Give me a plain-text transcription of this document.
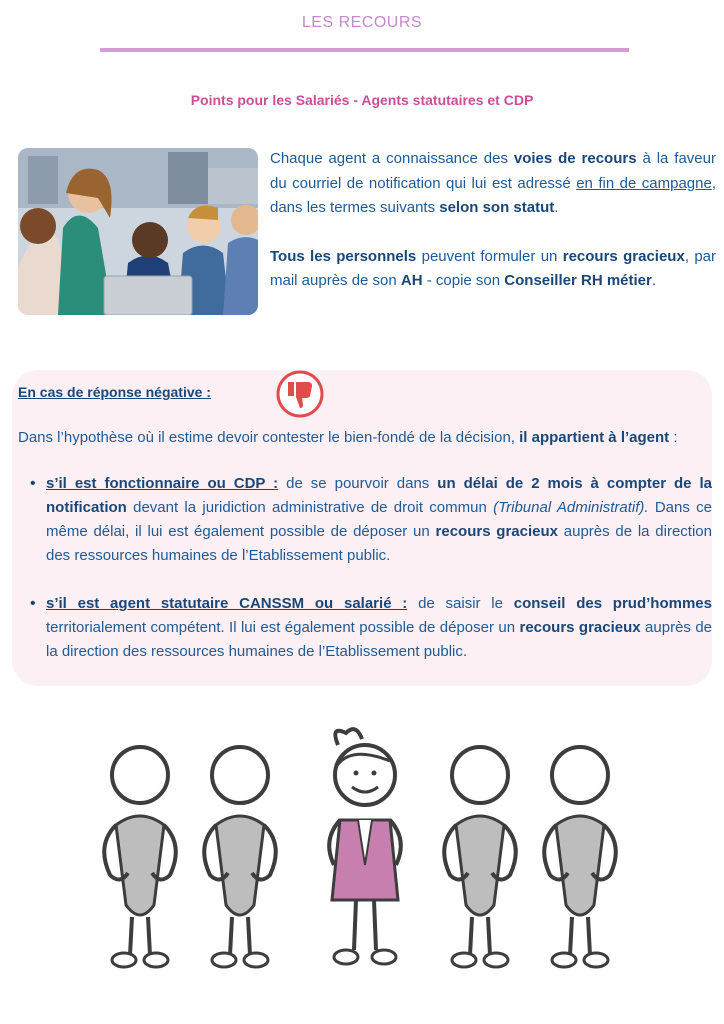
LES RECOURS
Points pour les Salariés - Agents statutaires et CDP

Chaque agent a connaissance des voies de recours à la faveur du courriel de notification qui lui est adressé en fin de campagne, dans les termes suivants selon son statut.

Tous les personnels peuvent formuler un recours gracieux, par mail auprès de son AH - copie son Conseiller RH métier.

En cas de réponse négative :

Dans l’hypothèse où il estime devoir contester le bien-fondé de la décision, il appartient à l’agent :

• s’il est fonctionnaire ou CDP : de se pourvoir dans un délai de 2 mois à compter de la notification devant la juridiction administrative de droit commun (Tribunal Administratif). Dans ce même délai, il lui est également possible de déposer un recours gracieux auprès de la direction des ressources humaines de l’Etablissement public.
• s’il est agent statutaire CANSSM ou salarié : de saisir le conseil des prud’hommes territorialement compétent. Il lui est également possible de déposer un recours gracieux auprès de la direction des ressources humaines de l’Etablissement public.
